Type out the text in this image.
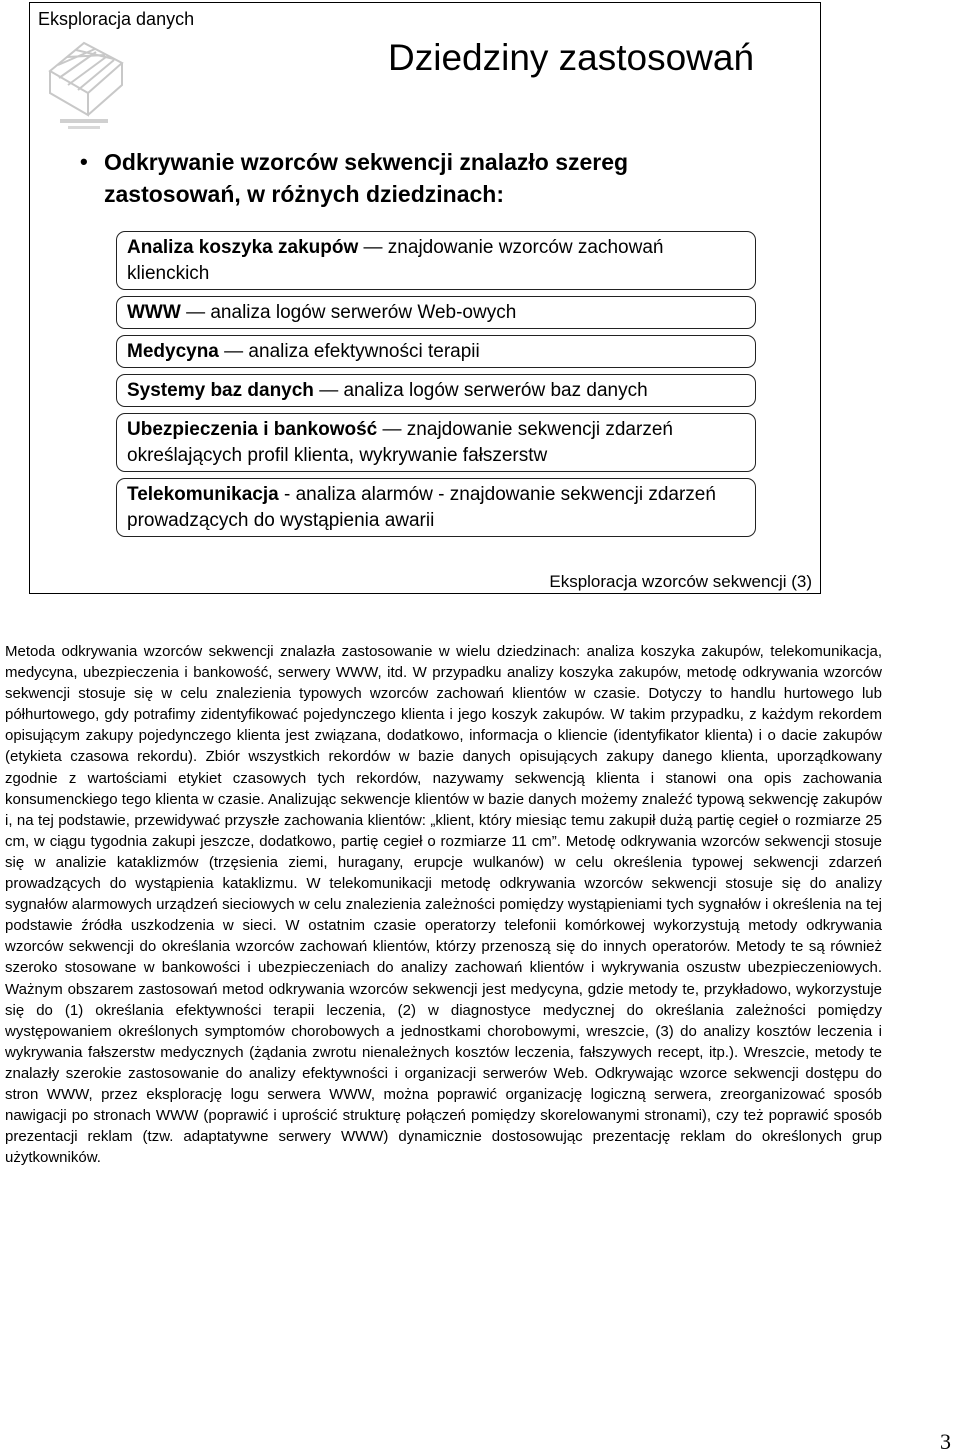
Eksploracja danych
Dziedziny zastosowań
• Odkrywanie wzorców sekwencji znalazło szereg zastosowań, w różnych dziedzinach:
Analiza koszyka zakupów — znajdowanie wzorców zachowań klienckich
WWW — analiza logów serwerów Web-owych
Medycyna — analiza efektywności terapii
Systemy baz danych — analiza logów serwerów baz danych
Ubezpieczenia i bankowość — znajdowanie sekwencji zdarzeń określających profil klienta, wykrywanie fałszerstw
Telekomunikacja - analiza alarmów - znajdowanie sekwencji zdarzeń prowadzących do wystąpienia awarii
Eksploracja wzorców sekwencji (3)
Metoda odkrywania wzorców sekwencji znalazła zastosowanie w wielu dziedzinach: analiza koszyka zakupów, telekomunikacja, medycyna, ubezpieczenia i bankowość, serwery WWW, itd. W przypadku analizy koszyka zakupów, metodę odkrywania wzorców sekwencji stosuje się w celu znalezienia typowych wzorców zachowań klientów w czasie. Dotyczy to handlu hurtowego lub półhurtowego, gdy potrafimy zidentyfikować pojedynczego klienta i jego koszyk zakupów. W takim przypadku, z każdym rekordem opisującym zakupy pojedynczego klienta jest związana, dodatkowo, informacja o kliencie (identyfikator klienta) i o dacie zakupów (etykieta czasowa rekordu). Zbiór wszystkich rekordów w bazie danych opisujących zakupy danego klienta, uporządkowany zgodnie z wartościami etykiet czasowych tych rekordów, nazywamy sekwencją klienta i stanowi ona opis zachowania konsumenckiego tego klienta w czasie. Analizując sekwencje klientów w bazie danych możemy znaleźć typową sekwencję zakupów i, na tej podstawie, przewidywać przyszłe zachowania klientów: „klient, który miesiąc temu zakupił dużą partię cegieł o rozmiarze 25 cm, w ciągu tygodnia zakupi jeszcze, dodatkowo, partię cegieł o rozmiarze 11 cm”. Metodę odkrywania wzorców sekwencji stosuje się w analizie kataklizmów (trzęsienia ziemi, huragany, erupcje wulkanów) w celu określenia typowej sekwencji zdarzeń prowadzących do wystąpienia kataklizmu. W telekomunikacji metodę odkrywania wzorców sekwencji stosuje się do analizy sygnałów alarmowych urządzeń sieciowych w celu znalezienia zależności pomiędzy wystąpieniami tych sygnałów i określenia na tej podstawie źródła uszkodzenia w sieci. W ostatnim czasie operatorzy telefonii komórkowej wykorzystują metody odkrywania wzorców sekwencji do określania wzorców zachowań klientów, którzy przenoszą się do innych operatorów. Metody te są również szeroko stosowane w bankowości i ubezpieczeniach do analizy zachowań klientów i wykrywania oszustw ubezpieczeniowych. Ważnym obszarem zastosowań metod odkrywania wzorców sekwencji jest medycyna, gdzie metody te, przykładowo, wykorzystuje się do (1) określania efektywności terapii leczenia, (2) w diagnostyce medycznej do określania zależności pomiędzy występowaniem określonych symptomów chorobowych a jednostkami chorobowymi, wreszcie, (3) do analizy kosztów leczenia i wykrywania fałszerstw medycznych (żądania zwrotu nienależnych kosztów leczenia, fałszywych recept, itp.). Wreszcie, metody te znalazły szerokie zastosowanie do analizy efektywności i organizacji serwerów Web. Odkrywając wzorce sekwencji dostępu do stron WWW, przez eksplorację logu serwera WWW, można poprawić organizację logiczną serwera, zreorganizować sposób nawigacji po stronach WWW (poprawić i uprościć strukturę połączeń pomiędzy skorelowanymi stronami), czy też poprawić sposób prezentacji reklam (tzw. adaptatywne serwery WWW) dynamicznie dostosowując prezentację reklam do określonych grup użytkowników.
3
